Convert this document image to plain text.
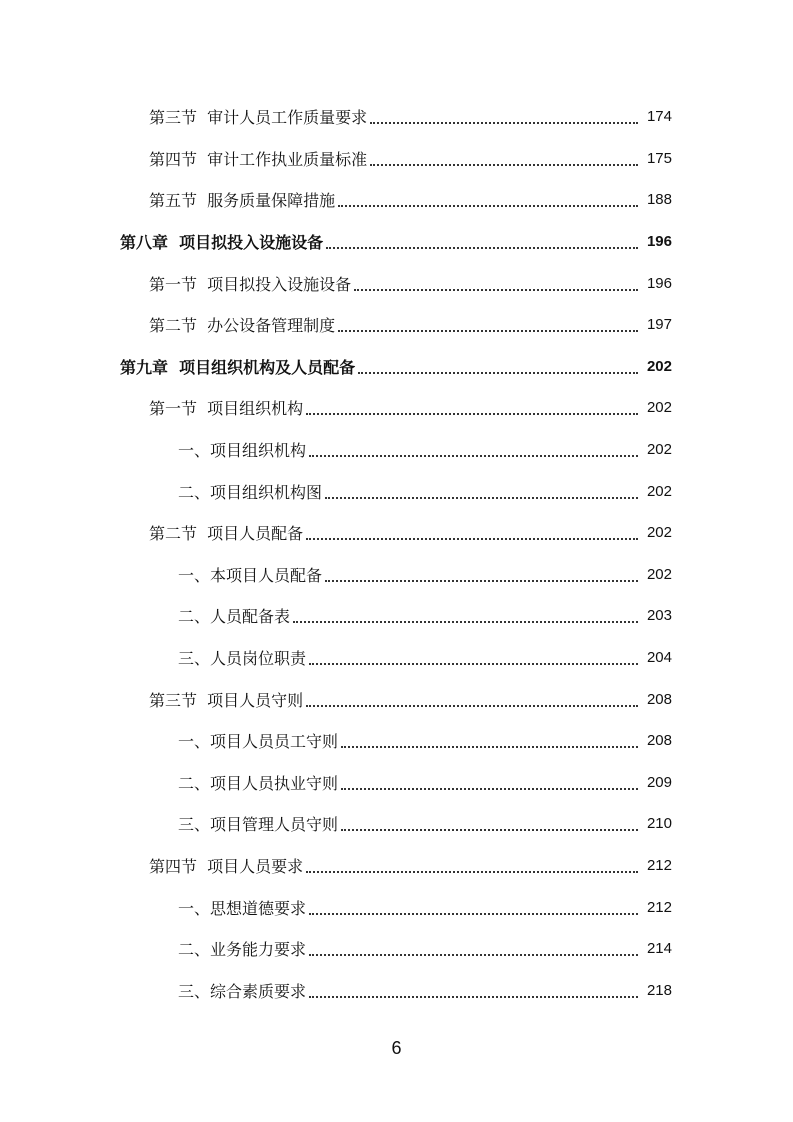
第三节  审计人员工作质量要求	174
第四节  审计工作执业质量标准	175
第五节  服务质量保障措施	188
第八章  项目拟投入设施设备	196
第一节  项目拟投入设施设备	196
第二节  办公设备管理制度	197
第九章  项目组织机构及人员配备	202
第一节  项目组织机构	202
一、项目组织机构	202
二、项目组织机构图	202
第二节  项目人员配备	202
一、本项目人员配备	202
二、人员配备表	203
三、人员岗位职责	204
第三节  项目人员守则	208
一、项目人员员工守则	208
二、项目人员执业守则	209
三、项目管理人员守则	210
第四节  项目人员要求	212
一、思想道德要求	212
二、业务能力要求	214
三、综合素质要求	218
6
